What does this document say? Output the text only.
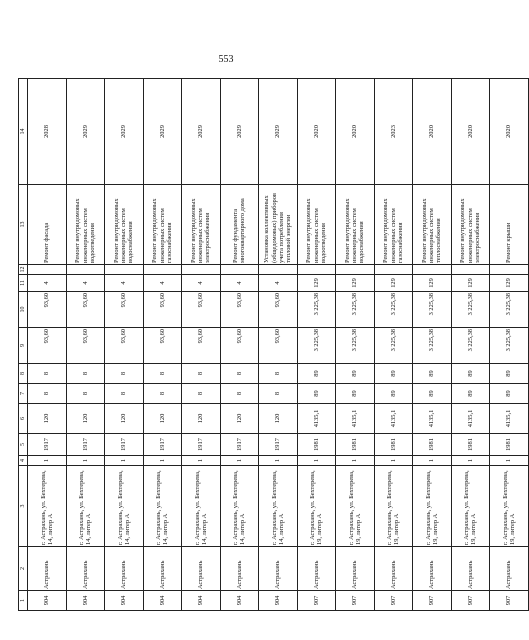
553
1	2	3	4	5	6	7	8	9	10	11	12	13	14
904	Астрахань	г. Астрахань, ул. Бехтерева, 14, литер А	1	1917	120	8	8	93,60	93,60	4		Ремонт фасада	2028
904	Астрахань	г. Астрахань, ул. Бехтерева, 14, литер А	1	1917	120	8	8	93,60	93,60	4		Ремонт внутридомовых инженерных систем водоотведения	2029
904	Астрахань	г. Астрахань, ул. Бехтерева, 14, литер А	1	1917	120	8	8	93,60	93,60	4		Ремонт внутридомовых инженерных систем водоснабжения	2029
904	Астрахань	г. Астрахань, ул. Бехтерева, 14, литер А	1	1917	120	8	8	93,60	93,60	4		Ремонт внутридомовых инженерных систем газоснабжения	2029
904	Астрахань	г. Астрахань, ул. Бехтерева, 14, литер А	1	1917	120	8	8	93,60	93,60	4		Ремонт внутридомовых инженерных систем электроснабжения	2029
904	Астрахань	г. Астрахань, ул. Бехтерева, 14, литер А	1	1917	120	8	8	93,60	93,60	4		Ремонт фундамента многоквартирного дома	2029
904	Астрахань	г. Астрахань, ул. Бехтерева, 14, литер А	1	1917	120	8	8	93,60	93,60	4		Установка коллективных (общедомовых) приборов учета потребления тепловой энергии	2029
907	Астрахань	г. Астрахань, ул. Бехтерева, 19, литер А	1	1981	4135,1	89	89	3 225,38	3 225,38	129		Ремонт внутридомовых инженерных систем водоотведения	2020
907	Астрахань	г. Астрахань, ул. Бехтерева, 19, литер А	1	1981	4135,1	89	89	3 225,38	3 225,38	129		Ремонт внутридомовых инженерных систем водоснабжения	2020
907	Астрахань	г. Астрахань, ул. Бехтерева, 19, литер А	1	1981	4135,1	89	89	3 225,38	3 225,38	129		Ремонт внутридомовых инженерных систем газоснабжения	2023
907	Астрахань	г. Астрахань, ул. Бехтерева, 19, литер А	1	1981	4135,1	89	89	3 225,38	3 225,38	129		Ремонт внутридомовых инженерных систем теплоснабжения	2020
907	Астрахань	г. Астрахань, ул. Бехтерева, 19, литер А	1	1981	4135,1	89	89	3 225,38	3 225,38	129		Ремонт внутридомовых инженерных систем электроснабжения	2020
907	Астрахань	г. Астрахань, ул. Бехтерева, 19, литер А	1	1981	4135,1	89	89	3 225,38	3 225,38	129		Ремонт крыши	2020
